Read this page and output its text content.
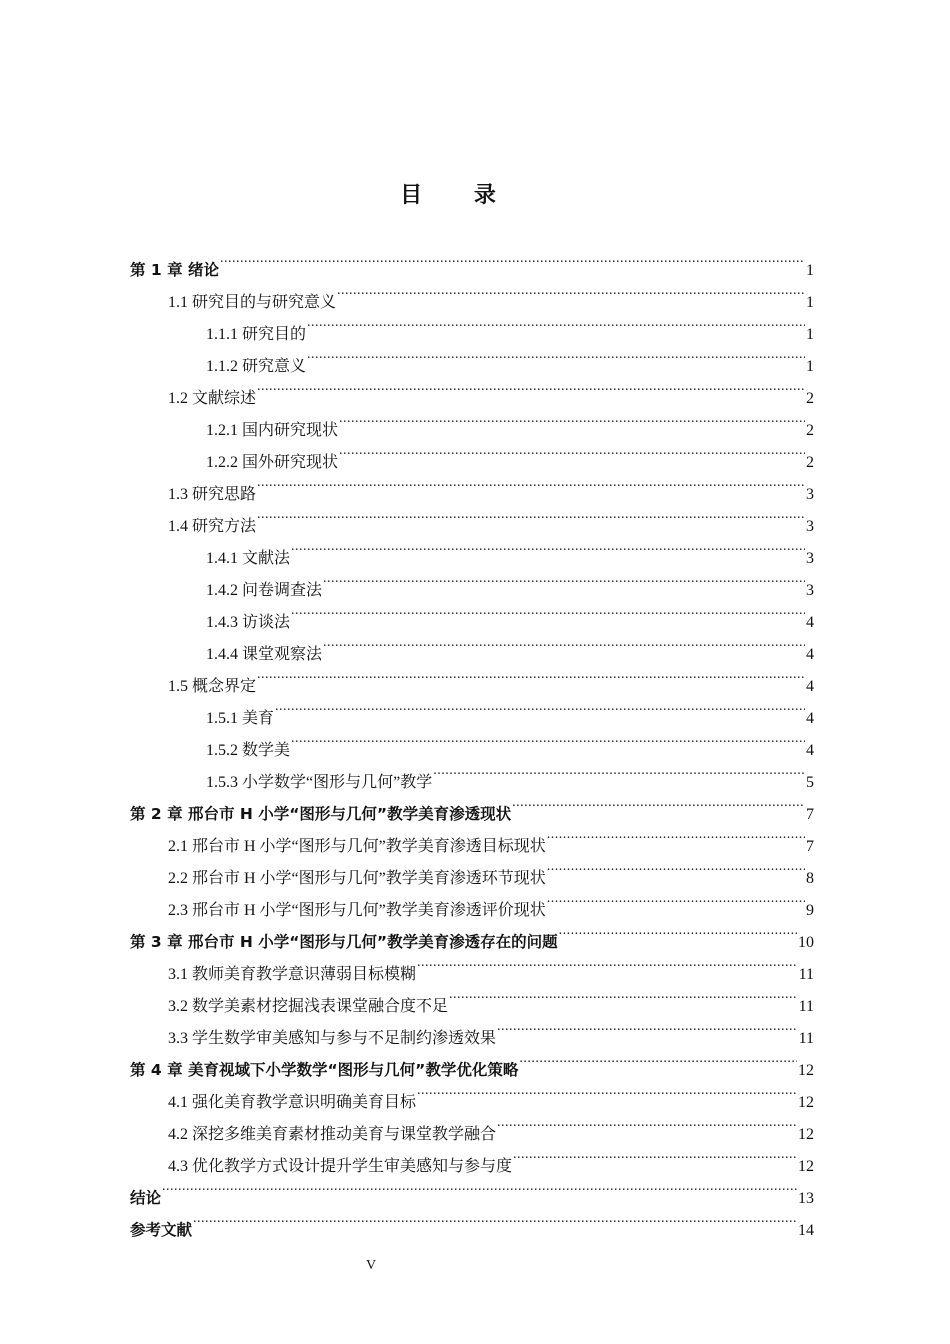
目 录
第 1 章 绪论 .....	1
1.1 研究目的与研究意义 .....	1
1.1.1 研究目的 .....	1
1.1.2 研究意义 .....	1
1.2 文献综述 .....	2
1.2.1 国内研究现状 .....	2
1.2.2 国外研究现状 .....	2
1.3 研究思路 .....	3
1.4 研究方法 .....	3
1.4.1 文献法 .....	3
1.4.2 问卷调查法 .....	3
1.4.3 访谈法 .....	4
1.4.4 课堂观察法 .....	4
1.5 概念界定 .....	4
1.5.1 美育 .....	4
1.5.2 数学美 .....	4
1.5.3 小学数学“图形与几何”教学 .....	5
第 2 章 邢台市 H 小学“图形与几何”教学美育渗透现状 .....	7
2.1 邢台市 H 小学“图形与几何”教学美育渗透目标现状 .....	7
2.2 邢台市 H 小学“图形与几何”教学美育渗透环节现状 .....	8
2.3 邢台市 H 小学“图形与几何”教学美育渗透评价现状 .....	9
第 3 章 邢台市 H 小学“图形与几何”教学美育渗透存在的问题 .....	10
3.1 教师美育教学意识薄弱目标模糊 .....	11
3.2 数学美素材挖掘浅表课堂融合度不足 .....	11
3.3 学生数学审美感知与参与不足制约渗透效果 .....	11
第 4 章 美育视域下小学数学“图形与几何”教学优化策略 .....	12
4.1 强化美育教学意识明确美育目标 .....	12
4.2 深挖多维美育素材推动美育与课堂教学融合 .....	12
4.3 优化教学方式设计提升学生审美感知与参与度 .....	12
结论 .....	13
参考文献 .....	14
V
